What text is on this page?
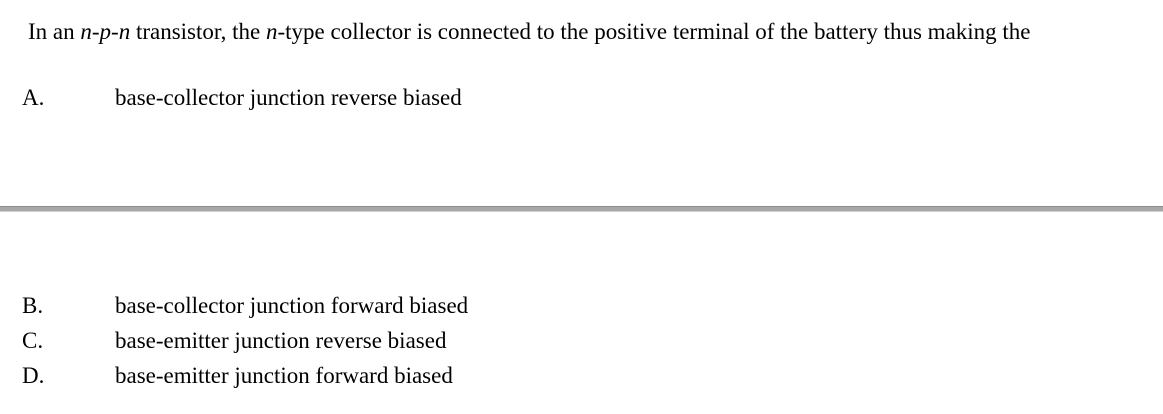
In an n-p-n transistor, the n-type collector is connected to the positive terminal of the battery thus making the
A.	base-collector junction reverse biased
B.	base-collector junction forward biased
C.	base-emitter junction reverse biased
D.	base-emitter junction forward biased
